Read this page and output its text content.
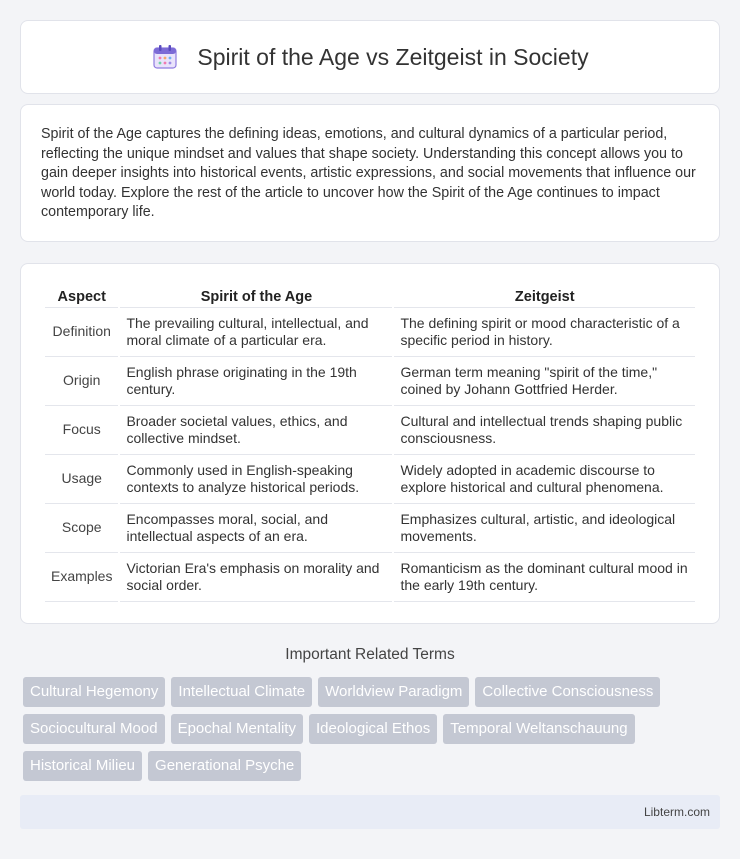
Spirit of the Age vs Zeitgeist in Society

Spirit of the Age captures the defining ideas, emotions, and cultural dynamics of a particular period, reflecting the unique mindset and values that shape society. Understanding this concept allows you to gain deeper insights into historical events, artistic expressions, and social movements that influence our world today. Explore the rest of the article to uncover how the Spirit of the Age continues to impact contemporary life.

Aspect	Spirit of the Age	Zeitgeist
Definition	The prevailing cultural, intellectual, and moral climate of a particular era.	The defining spirit or mood characteristic of a specific period in history.
Origin	English phrase originating in the 19th century.	German term meaning "spirit of the time," coined by Johann Gottfried Herder.
Focus	Broader societal values, ethics, and collective mindset.	Cultural and intellectual trends shaping public consciousness.
Usage	Commonly used in English-speaking contexts to analyze historical periods.	Widely adopted in academic discourse to explore historical and cultural phenomena.
Scope	Encompasses moral, social, and intellectual aspects of an era.	Emphasizes cultural, artistic, and ideological movements.
Examples	Victorian Era's emphasis on morality and social order.	Romanticism as the dominant cultural mood in the early 19th century.
Important Related Terms
Cultural Hegemony	Intellectual Climate	Worldview Paradigm	Collective Consciousness
Sociocultural Mood	Epochal Mentality	Ideological Ethos	Temporal Weltanschauung
Historical Milieu	Generational Psyche
Libterm.com
